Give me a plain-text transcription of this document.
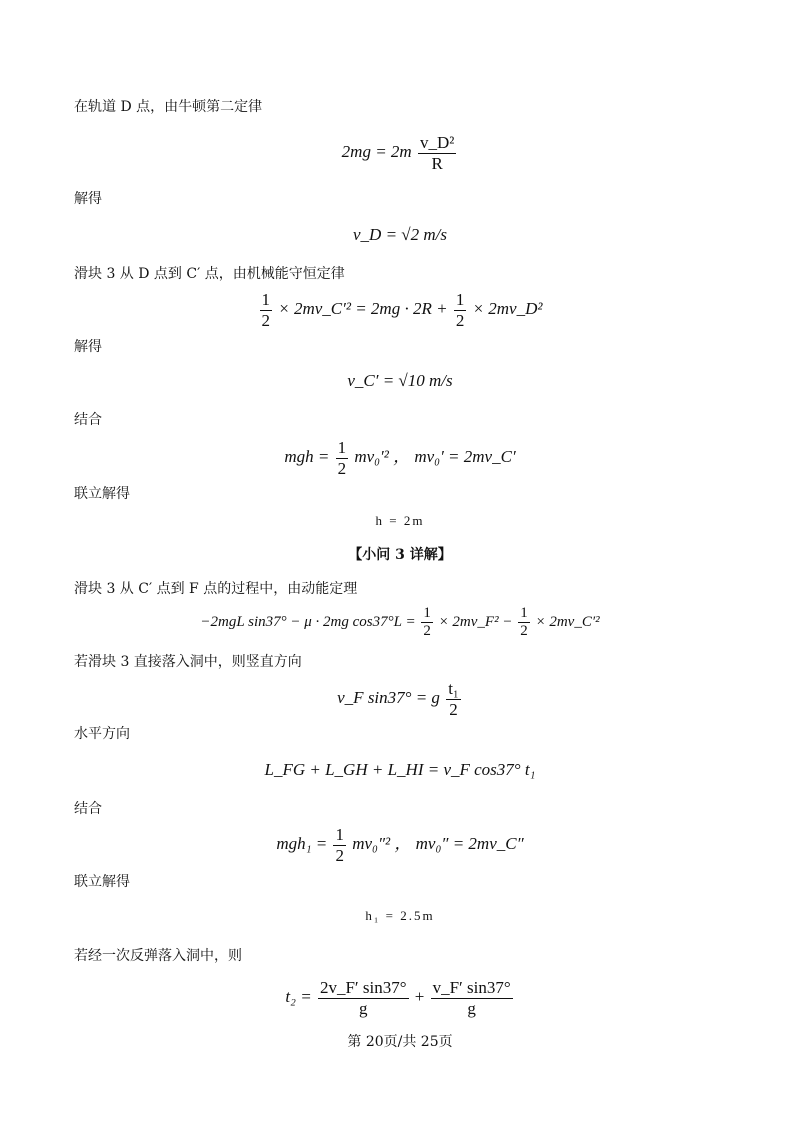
在轨道 D 点，由牛顿第二定律
$2mg = 2m \frac{\text{v\_D²}}{R}$
解得
v_D = √2 m/s
滑块 3 从 D 点到 C′ 点，由机械能守恒定律
$\frac{1}{2}$ × 2mv_C′² = $2mg \cdot 2R + \frac{1}{2}$ × 2mv_D²
解得
v_C′ = √10 m/s
结合
mgh = $\frac{1}{2} mv_0'^2$ ， mv₀′ = 2mv_C′
联立解得
h = 2m
【小问 3 详解】
滑块 3 从 C′ 点到 F 点的过程中，由动能定理
−2mgL sin37° − μ · 2mg $\cos 37^\circ L = \frac{1}{2}$ × 2mv_F² − $\frac{1}{2}$ × 2mv_C′²
若滑块 3 直接落入洞中，则竖直方向
v_F sin37° = g $\frac{\text{t₁}}{2}$
水平方向
L_FG + L_GH + L_HI = v_F cos37° t₁
结合
$mgh_1 = \frac{1}{2} mv_0''^2$ ， mv₀″ = 2mv_C″
联立解得
h₁ = 2.5m
若经一次反弹落入洞中，则
$t_2 = \frac{2v\_F' \sin 37^\circ}{g} + \frac{v\_F' \sin 37^\circ}{g}$
第 20页/共 25页
